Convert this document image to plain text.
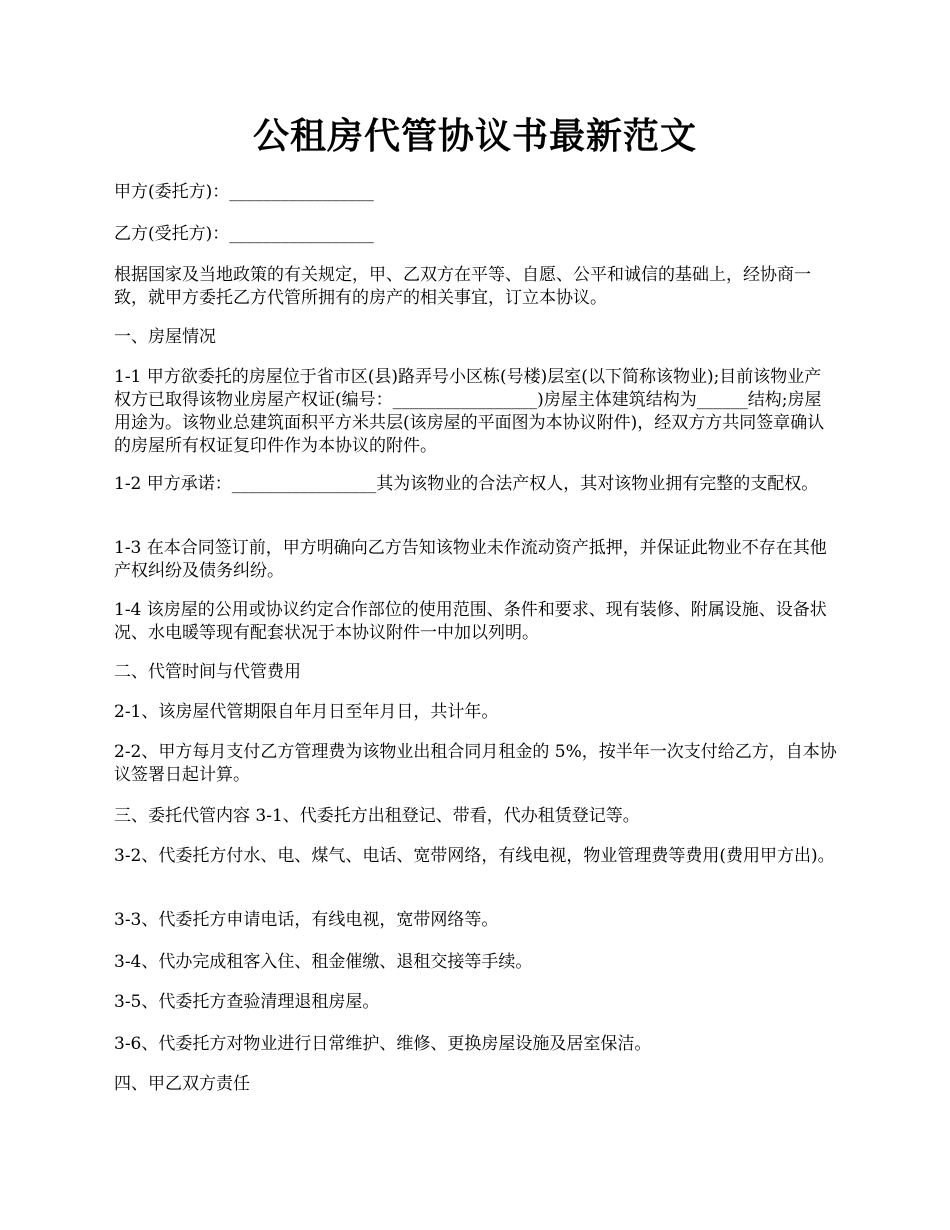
公租房代管协议书最新范文

甲方(委托方)：_________________

乙方(受托方)：_________________

根据国家及当地政策的有关规定，甲、乙双方在平等、自愿、公平和诚信的基础上，经协商一致，就甲方委托乙方代管所拥有的房产的相关事宜，订立本协议。

一、房屋情况

1-1 甲方欲委托的房屋位于省市区(县)路弄号小区栋(号楼)层室(以下简称该物业);目前该物业产权方已取得该物业房屋产权证(编号：_________________)房屋主体建筑结构为______结构;房屋用途为。该物业总建筑面积平方米共层(该房屋的平面图为本协议附件)，经双方方共同签章确认的房屋所有权证复印件作为本协议的附件。

1-2 甲方承诺：_________________其为该物业的合法产权人，其对该物业拥有完整的支配权。

1-3 在本合同签订前，甲方明确向乙方告知该物业未作流动资产抵押，并保证此物业不存在其他产权纠纷及债务纠纷。

1-4 该房屋的公用或协议约定合作部位的使用范围、条件和要求、现有装修、附属设施、设备状况、水电暖等现有配套状况于本协议附件一中加以列明。

二、代管时间与代管费用

2-1、该房屋代管期限自年月日至年月日，共计年。

2-2、甲方每月支付乙方管理费为该物业出租合同月租金的 5%，按半年一次支付给乙方，自本协议签署日起计算。

三、委托代管内容 3-1、代委托方出租登记、带看，代办租赁登记等。

3-2、代委托方付水、电、煤气、电话、宽带网络，有线电视，物业管理费等费用(费用甲方出)。

3-3、代委托方申请电话，有线电视，宽带网络等。

3-4、代办完成租客入住、租金催缴、退租交接等手续。

3-5、代委托方查验清理退租房屋。

3-6、代委托方对物业进行日常维护、维修、更换房屋设施及居室保洁。

四、甲乙双方责任
